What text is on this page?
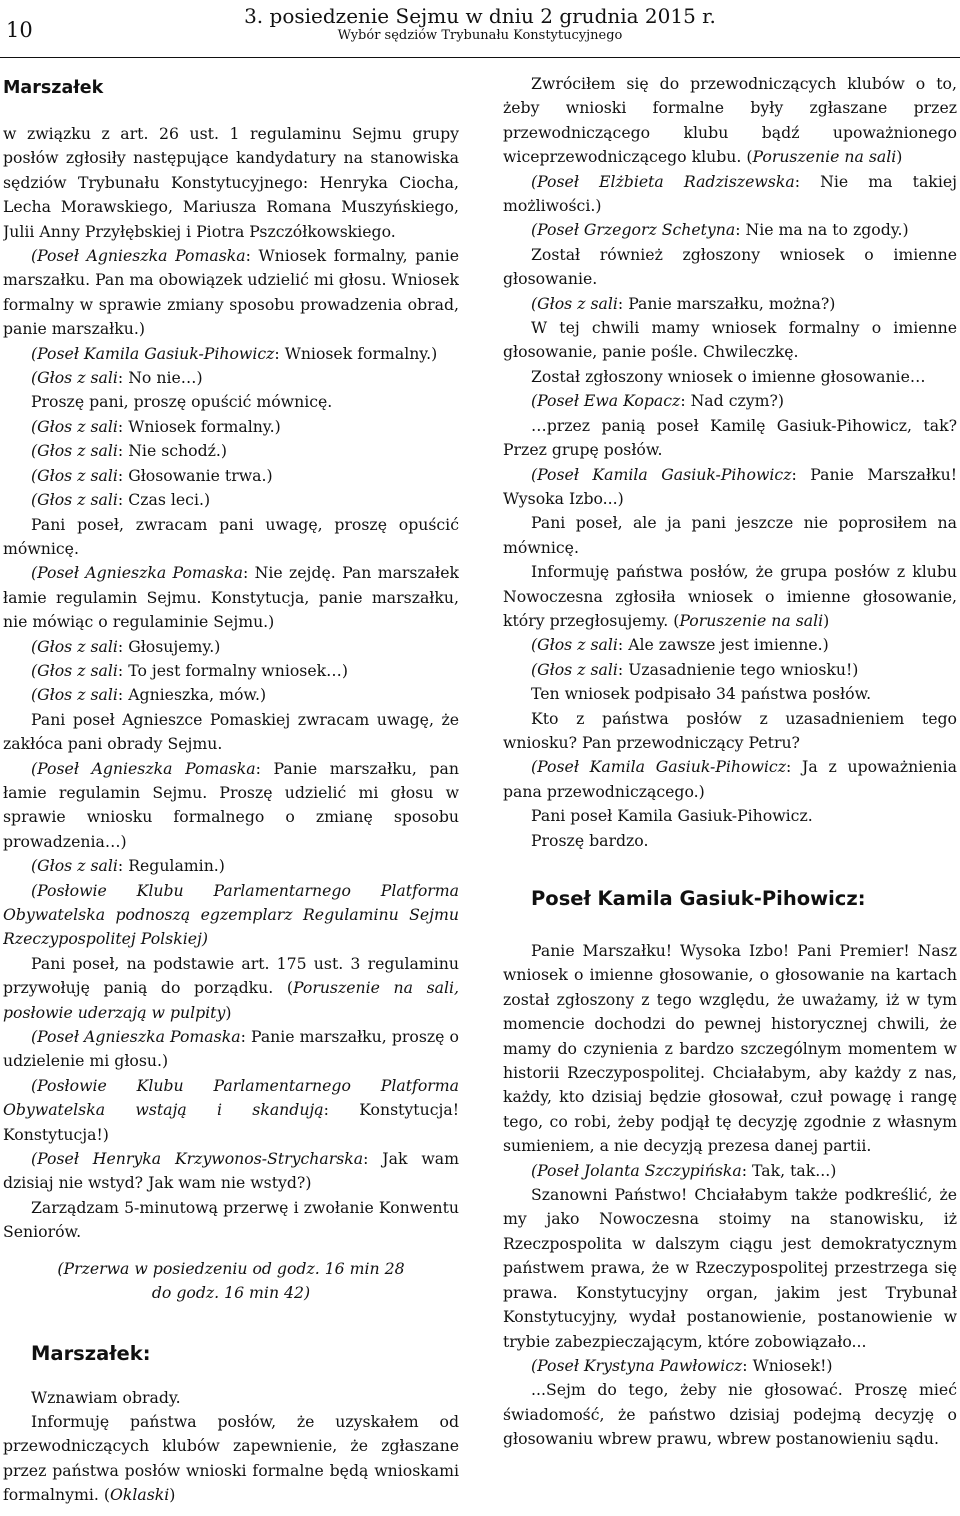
10
3. posiedzenie Sejmu w dniu 2 grudnia 2015 r.
Wybór sędziów Trybunału Konstytucyjnego
Marszałek

w związku z art. 26 ust. 1 regulaminu Sejmu grupy posłów zgłosiły następujące kandydatury na stanowiska sędziów Trybunału Konstytucyjnego: Henryka Ciocha, Lecha Morawskiego, Mariusza Romana Muszyńskiego, Julii Anny Przyłębskiej i Piotra Pszczółkowskiego.

(Poseł Agnieszka Pomaska: Wniosek formalny, panie marszałku. Pan ma obowiązek udzielić mi głosu. Wniosek formalny w sprawie zmiany sposobu prowadzenia obrad, panie marszałku.)

(Poseł Kamila Gasiuk-Pihowicz: Wniosek formalny.)

(Głos z sali: No nie…)

Proszę pani, proszę opuścić mównicę.

(Głos z sali: Wniosek formalny.)

(Głos z sali: Nie schodź.)

(Głos z sali: Głosowanie trwa.)

(Głos z sali: Czas leci.)

Pani poseł, zwracam pani uwagę, proszę opuścić mównicę.

(Poseł Agnieszka Pomaska: Nie zejdę. Pan marszałek łamie regulamin Sejmu. Konstytucja, panie marszałku, nie mówiąc o regulaminie Sejmu.)

(Głos z sali: Głosujemy.)

(Głos z sali: To jest formalny wniosek…)

(Głos z sali: Agnieszka, mów.)

Pani poseł Agnieszce Pomaskiej zwracam uwagę, że zakłóca pani obrady Sejmu.

(Poseł Agnieszka Pomaska: Panie marszałku, pan łamie regulamin Sejmu. Proszę udzielić mi głosu w sprawie wniosku formalnego o zmianę sposobu prowadzenia…)

(Głos z sali: Regulamin.)

(Posłowie Klubu Parlamentarnego Platforma Obywatelska podnoszą egzemplarz Regulaminu Sejmu Rzeczypospolitej Polskiej)

Pani poseł, na podstawie art. 175 ust. 3 regulaminu przywołuję panią do porządku. (Poruszenie na sali, posłowie uderzają w pulpity)

(Poseł Agnieszka Pomaska: Panie marszałku, proszę o udzielenie mi głosu.)

(Posłowie Klubu Parlamentarnego Platforma Obywatelska wstają i skandują: Konstytucja! Konstytucja!)

(Poseł Henryka Krzywonos-Strycharska: Jak wam dzisiaj nie wstyd? Jak wam nie wstyd?)

Zarządzam 5-minutową przerwę i zwołanie Konwentu Seniorów.

(Przerwa w posiedzeniu od godz. 16 min 28
do godz. 16 min 42)

Marszałek:

Wznawiam obrady.

Informuję państwa posłów, że uzyskałem od przewodniczących klubów zapewnienie, że zgłaszane przez państwa posłów wnioski formalne będą wnioskami formalnymi. (Oklaski)

Zwróciłem się do przewodniczących klubów o to, żeby wnioski formalne były zgłaszane przez przewodniczącego klubu bądź upoważnionego wiceprzewodniczącego klubu. (Poruszenie na sali)

(Poseł Elżbieta Radziszewska: Nie ma takiej możliwości.)

(Poseł Grzegorz Schetyna: Nie ma na to zgody.)

Został również zgłoszony wniosek o imienne głosowanie.

(Głos z sali: Panie marszałku, można?)

W tej chwili mamy wniosek formalny o imienne głosowanie, panie pośle. Chwileczkę.

Został zgłoszony wniosek o imienne głosowanie…

(Poseł Ewa Kopacz: Nad czym?)

…przez panią poseł Kamilę Gasiuk-Pihowicz, tak? Przez grupę posłów.

(Poseł Kamila Gasiuk-Pihowicz: Panie Marszałku! Wysoka Izbo...)

Pani poseł, ale ja pani jeszcze nie poprosiłem na mównicę.

Informuję państwa posłów, że grupa posłów z klubu Nowoczesna zgłosiła wniosek o imienne głosowanie, który przegłosujemy. (Poruszenie na sali)

(Głos z sali: Ale zawsze jest imienne.)

(Głos z sali: Uzasadnienie tego wniosku!)

Ten wniosek podpisało 34 państwa posłów.

Kto z państwa posłów z uzasadnieniem tego wniosku? Pan przewodniczący Petru?

(Poseł Kamila Gasiuk-Pihowicz: Ja z upoważnienia pana przewodniczącego.)

Pani poseł Kamila Gasiuk-Pihowicz.

Proszę bardzo.

Poseł Kamila Gasiuk-Pihowicz:

Panie Marszałku! Wysoka Izbo! Pani Premier! Nasz wniosek o imienne głosowanie, o głosowanie na kartach został zgłoszony z tego względu, że uważamy, iż w tym momencie dochodzi do pewnej historycznej chwili, że mamy do czynienia z bardzo szczególnym momentem w historii Rzeczypospolitej. Chciałabym, aby każdy z nas, każdy, kto dzisiaj będzie głosował, czuł powagę i rangę tego, co robi, żeby podjął tę decyzję zgodnie z własnym sumieniem, a nie decyzją prezesa danej partii.

(Poseł Jolanta Szczypińska: Tak, tak...)

Szanowni Państwo! Chciałabym także podkreślić, że my jako Nowoczesna stoimy na stanowisku, iż Rzeczpospolita w dalszym ciągu jest demokratycznym państwem prawa, że w Rzeczypospolitej przestrzega się prawa. Konstytucyjny organ, jakim jest Trybunał Konstytucyjny, wydał postanowienie, postanowienie w trybie zabezpieczającym, które zobowiązało...

(Poseł Krystyna Pawłowicz: Wniosek!)

...Sejm do tego, żeby nie głosować. Proszę mieć świadomość, że państwo dzisiaj podejmą decyzję o głosowaniu wbrew prawu, wbrew postanowieniu sądu.
